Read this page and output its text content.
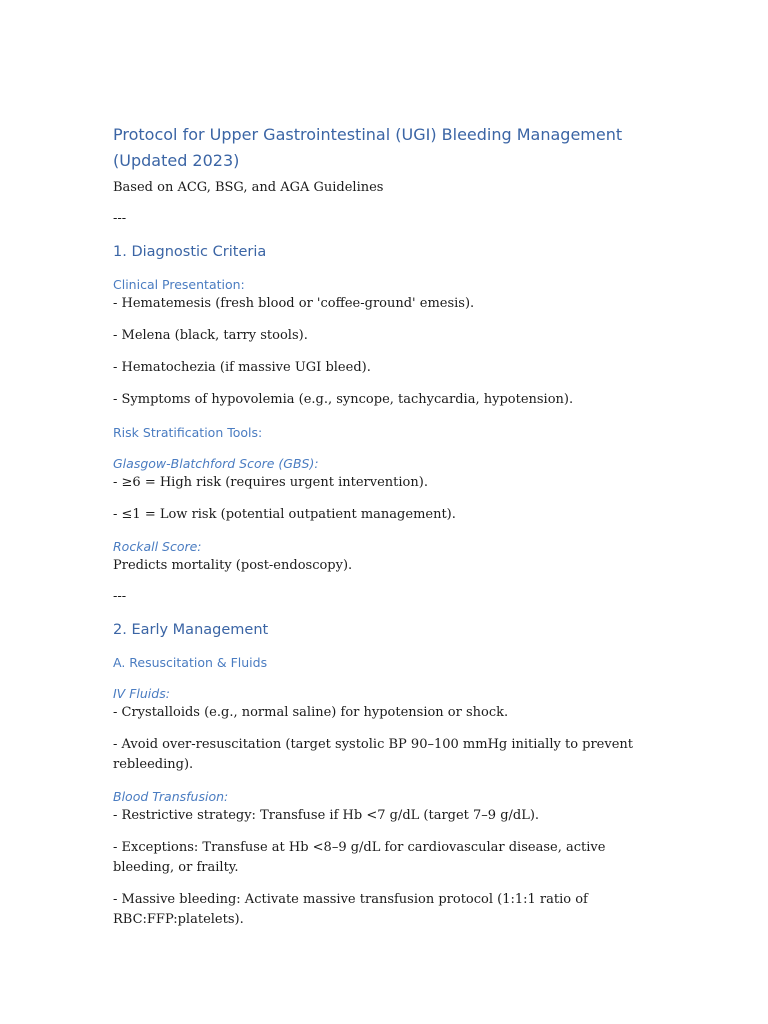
Protocol for Upper Gastrointestinal (UGI) Bleeding Management (Updated 2023)

Based on ACG, BSG, and AGA Guidelines

---

1. Diagnostic Criteria
Clinical Presentation:

- Hematemesis (fresh blood or 'coffee-ground' emesis).

- Melena (black, tarry stools).

- Hematochezia (if massive UGI bleed).

- Symptoms of hypovolemia (e.g., syncope, tachycardia, hypotension).

Risk Stratification Tools:
Glasgow-Blatchford Score (GBS):

- ≥6 = High risk (requires urgent intervention).

- ≤1 = Low risk (potential outpatient management).

Rockall Score:

Predicts mortality (post-endoscopy).

---

2. Early Management
A. Resuscitation & Fluids
IV Fluids:

- Crystalloids (e.g., normal saline) for hypotension or shock.

- Avoid over-resuscitation (target systolic BP 90–100 mmHg initially to prevent rebleeding).

Blood Transfusion:

- Restrictive strategy: Transfuse if Hb <7 g/dL (target 7–9 g/dL).

- Exceptions: Transfuse at Hb <8–9 g/dL for cardiovascular disease, active bleeding, or frailty.

- Massive bleeding: Activate massive transfusion protocol (1:1:1 ratio of RBC:FFP:platelets).
